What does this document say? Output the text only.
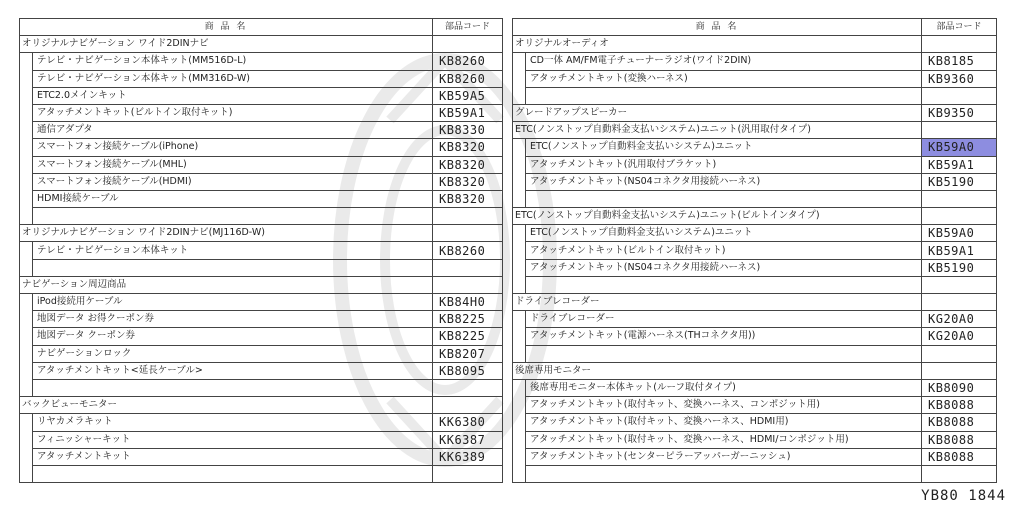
商 品 名		部品コード
オリジナルナビゲーション ワイド2DINナビ		
	テレビ・ナビゲーション本体キット(MM516D-L)	KB8260
	テレビ・ナビゲーション本体キット(MM316D-W)	KB8260
	ETC2.0メインキット	KB59A5
	アタッチメントキット(ビルトイン取付キット)	KB59A1
	通信アダプタ	KB8330
	スマートフォン接続ケーブル(iPhone)	KB8320
	スマートフォン接続ケーブル(MHL)	KB8320
	スマートフォン接続ケーブル(HDMI)	KB8320
	HDMI接続ケーブル	KB8320

オリジナルナビゲーション ワイド2DINナビ(MJ116D-W)		
	テレビ・ナビゲーション本体キット	KB8260

ナビゲーション周辺商品		
	iPod接続用ケーブル	KB84H0
	地図データ お得クーポン券	KB8225
	地図データ クーポン券	KB8225
	ナビゲーションロック	KB8207
	アタッチメントキット<延長ケーブル>	KB8095

バックビューモニター		
	リヤカメラキット	KK6380
	フィニッシャーキット	KK6387
	アタッチメントキット	KK6389

商 品 名		部品コード
オリジナルオーディオ		
	CD一体 AM/FM電子チューナーラジオ(ワイド2DIN)	KB8185
	アタッチメントキット(変換ハーネス)	KB9360

グレードアップスピーカー		KB9350
ETC(ノンストップ自動料金支払いシステム)ユニット(汎用取付タイプ)		
	ETC(ノンストップ自動料金支払いシステム)ユニット	KB59A0
	アタッチメントキット(汎用取付ブラケット)	KB59A1
	アタッチメントキット(NS04コネクタ用接続ハーネス)	KB5190

ETC(ノンストップ自動料金支払いシステム)ユニット(ビルトインタイプ)		
	ETC(ノンストップ自動料金支払いシステム)ユニット	KB59A0
	アタッチメントキット(ビルトイン取付キット)	KB59A1
	アタッチメントキット(NS04コネクタ用接続ハーネス)	KB5190

ドライブレコーダー		
	ドライブレコーダー	KG20A0
	アタッチメントキット(電源ハーネス(THコネクタ用))	KG20A0

後席専用モニター		
	後席専用モニター本体キット(ルーフ取付タイプ)	KB8090
	アタッチメントキット(取付キット、変換ハーネス、コンポジット用)	KB8088
	アタッチメントキット(取付キット、変換ハーネス、HDMI用)	KB8088
	アタッチメントキット(取付キット、変換ハーネス、HDMI/コンポジット用)	KB8088
	アタッチメントキット(センターピラーアッパーガーニッシュ)	KB8088

YB80 1844
